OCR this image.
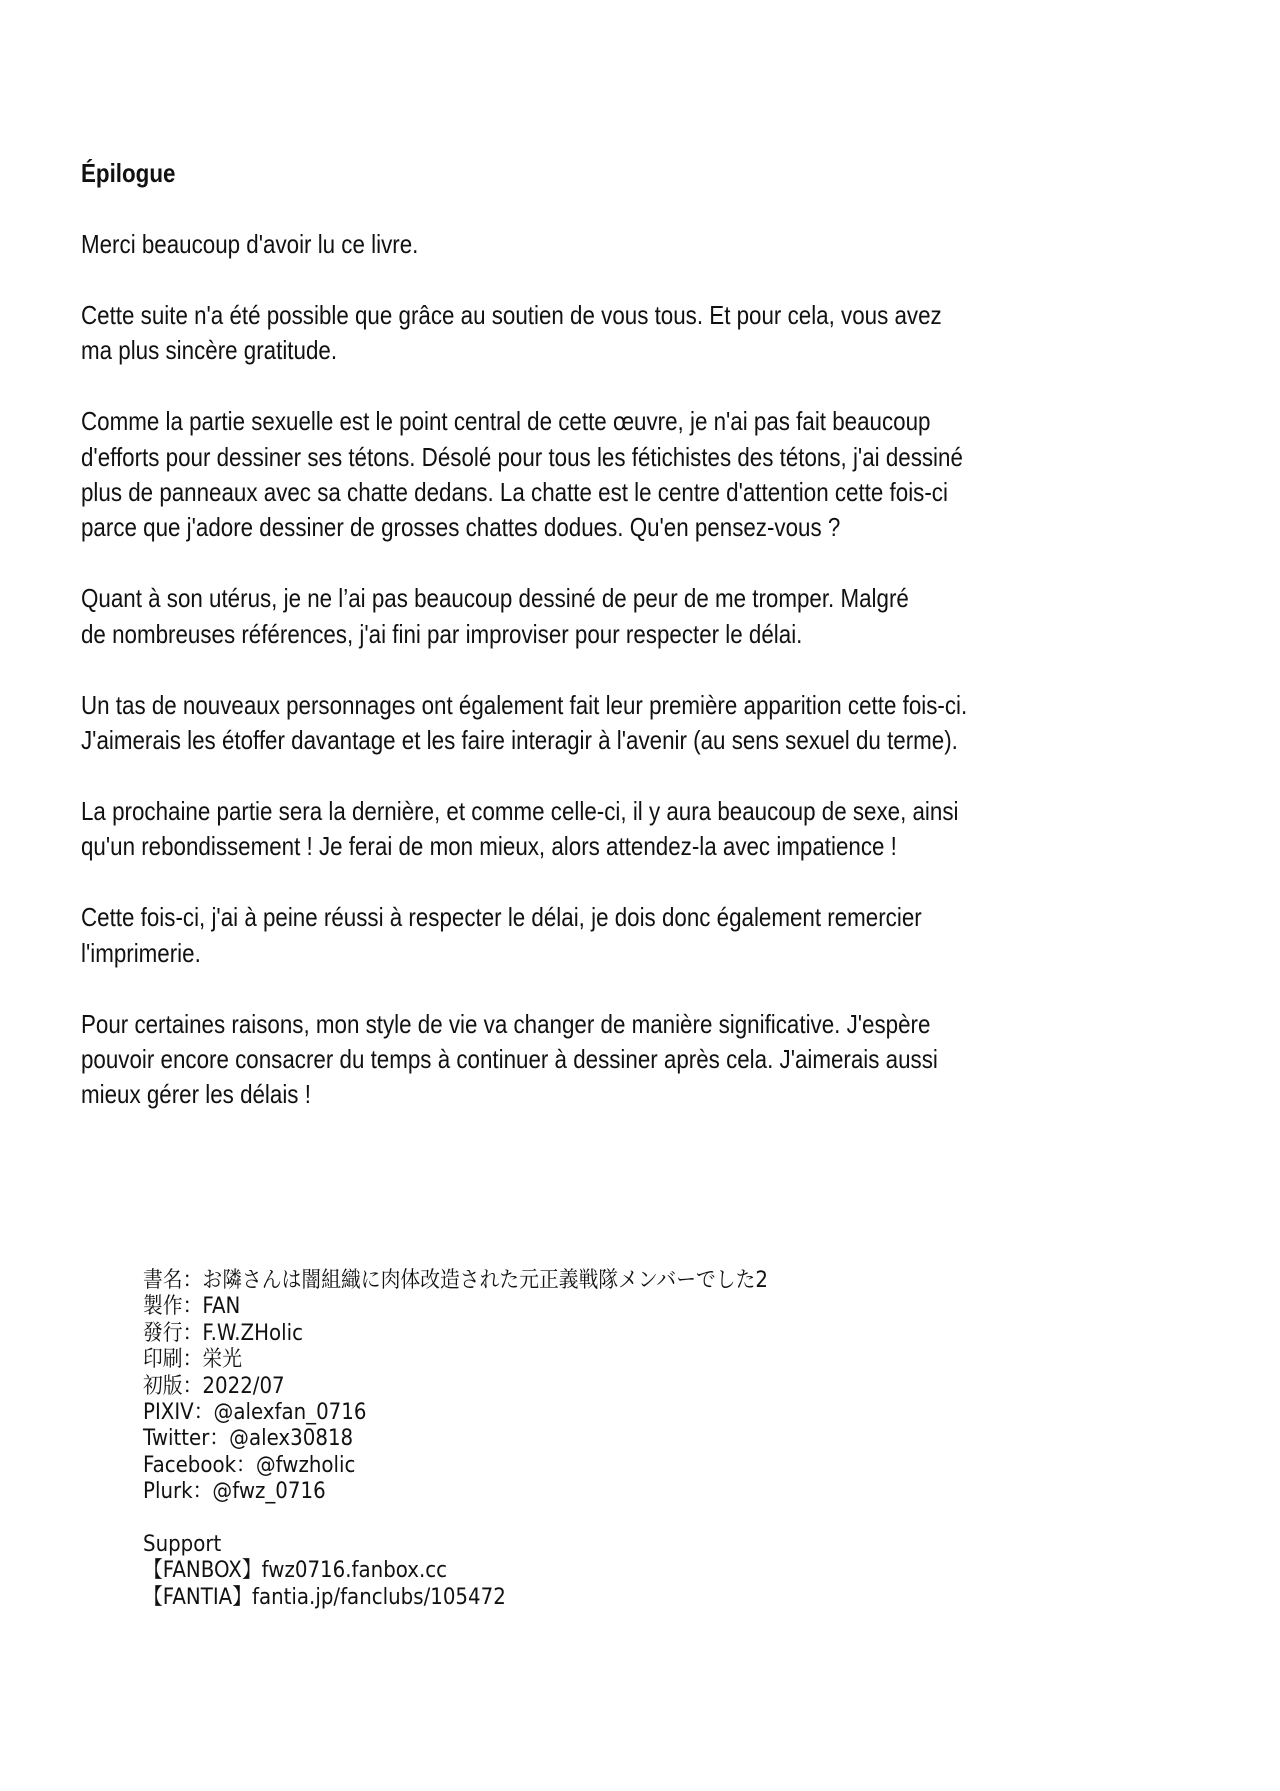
Épilogue
Merci beaucoup d'avoir lu ce livre.
Cette suite n'a été possible que grâce au soutien de vous tous. Et pour cela, vous avez
ma plus sincère gratitude.
Comme la partie sexuelle est le point central de cette œuvre, je n'ai pas fait beaucoup
d'efforts pour dessiner ses tétons. Désolé pour tous les fétichistes des tétons, j'ai dessiné
plus de panneaux avec sa chatte dedans. La chatte est le centre d'attention cette fois-ci
parce que j'adore dessiner de grosses chattes dodues. Qu'en pensez-vous ?
Quant à son utérus, je ne l’ai pas beaucoup dessiné de peur de me tromper. Malgré
de nombreuses références, j'ai fini par improviser pour respecter le délai.
Un tas de nouveaux personnages ont également fait leur première apparition cette fois-ci.
J'aimerais les étoffer davantage et les faire interagir à l'avenir (au sens sexuel du terme).
La prochaine partie sera la dernière, et comme celle-ci, il y aura beaucoup de sexe, ainsi
qu'un rebondissement ! Je ferai de mon mieux, alors attendez-la avec impatience !
Cette fois-ci, j'ai à peine réussi à respecter le délai, je dois donc également remercier
l'imprimerie.
Pour certaines raisons, mon style de vie va changer de manière significative. J'espère
pouvoir encore consacrer du temps à continuer à dessiner après cela. J'aimerais aussi
mieux gérer les délais !
書名：お隣さんは闇組織に肉体改造された元正義戦隊メンバーでした2
製作：FAN
發行：F.W.ZHolic
印刷：栄光
初版：2022/07
PIXIV：@alexfan_0716
Twitter：@alex30818
Facebook：@fwzholic
Plurk：@fwz_0716
Support
【FANBOX】fwz0716.fanbox.cc
【FANTIA】fantia.jp/fanclubs/105472
